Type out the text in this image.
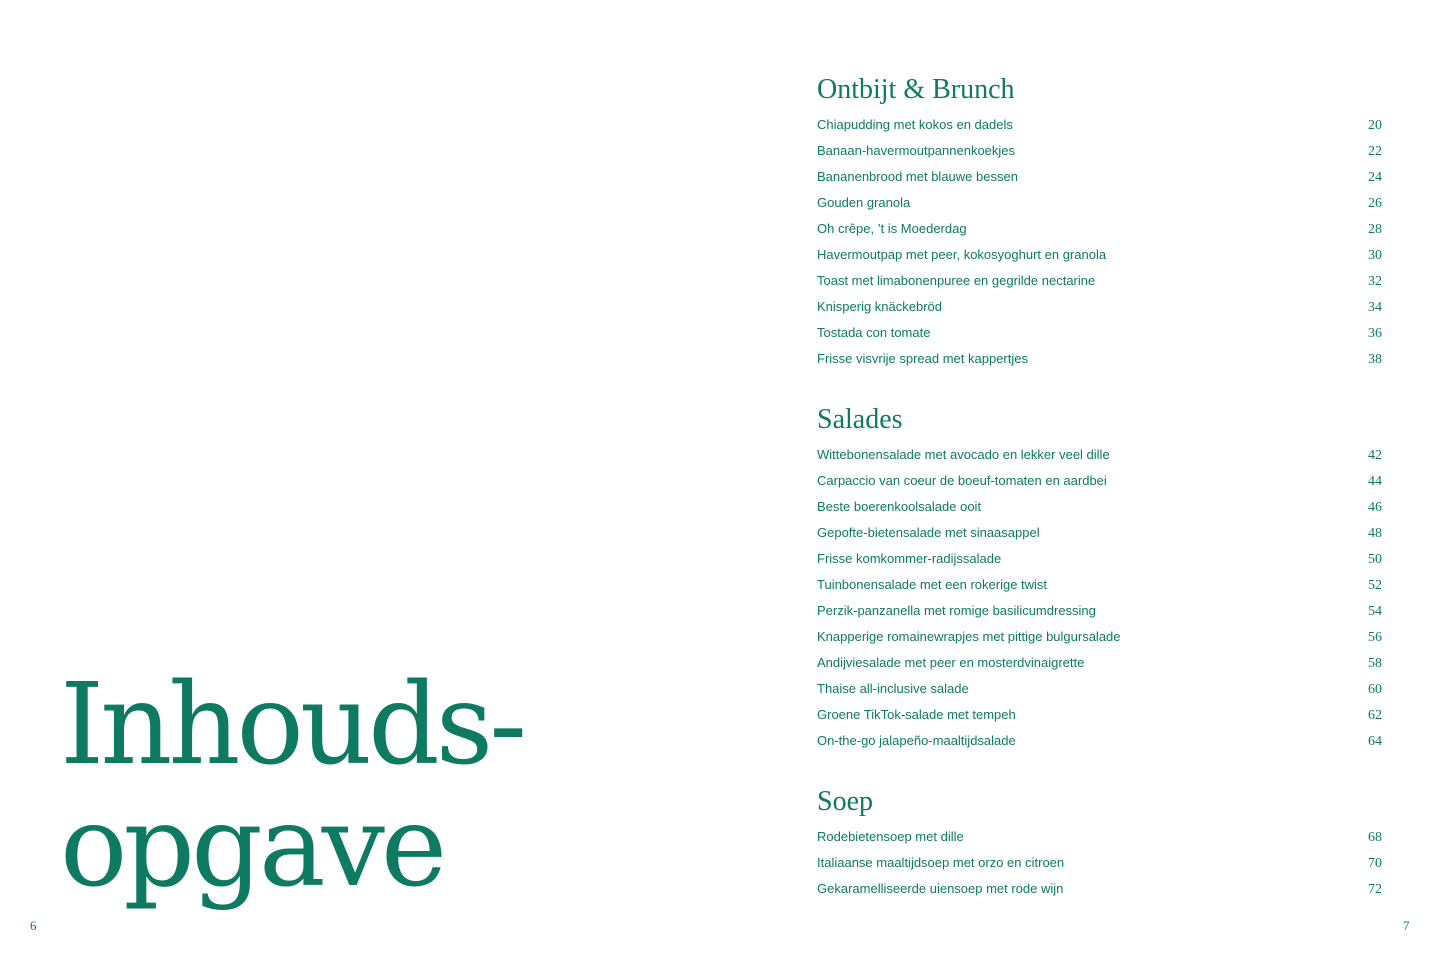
Inhouds-
opgave
6	7
Ontbijt & Brunch
Chiapudding met kokos en dadels	20
Banaan-havermoutpannenkoekjes	22
Bananenbrood met blauwe bessen	24
Gouden granola	26
Oh crêpe, ’t is Moederdag	28
Havermoutpap met peer, kokosyoghurt en granola	30
Toast met limabonenpuree en gegrilde nectarine	32
Knisperig knäckebröd	34
Tostada con tomate	36
Frisse visvrije spread met kappertjes	38
Salades
Wittebonensalade met avocado en lekker veel dille	42
Carpaccio van coeur de boeuf-tomaten en aardbei	44
Beste boerenkoolsalade ooit	46
Gepofte-bietensalade met sinaasappel	48
Frisse komkommer-radijssalade	50
Tuinbonensalade met een rokerige twist	52
Perzik-panzanella met romige basilicumdressing	54
Knapperige romainewrapjes met pittige bulgursalade	56
Andijviesalade met peer en mosterdvinaigrette	58
Thaise all-inclusive salade	60
Groene TikTok-salade met tempeh	62
On-the-go jalapeño-maaltijdsalade	64
Soep
Rodebietensoep met dille	68
Italiaanse maaltijdsoep met orzo en citroen	70
Gekaramelliseerde uiensoep met rode wijn	72
